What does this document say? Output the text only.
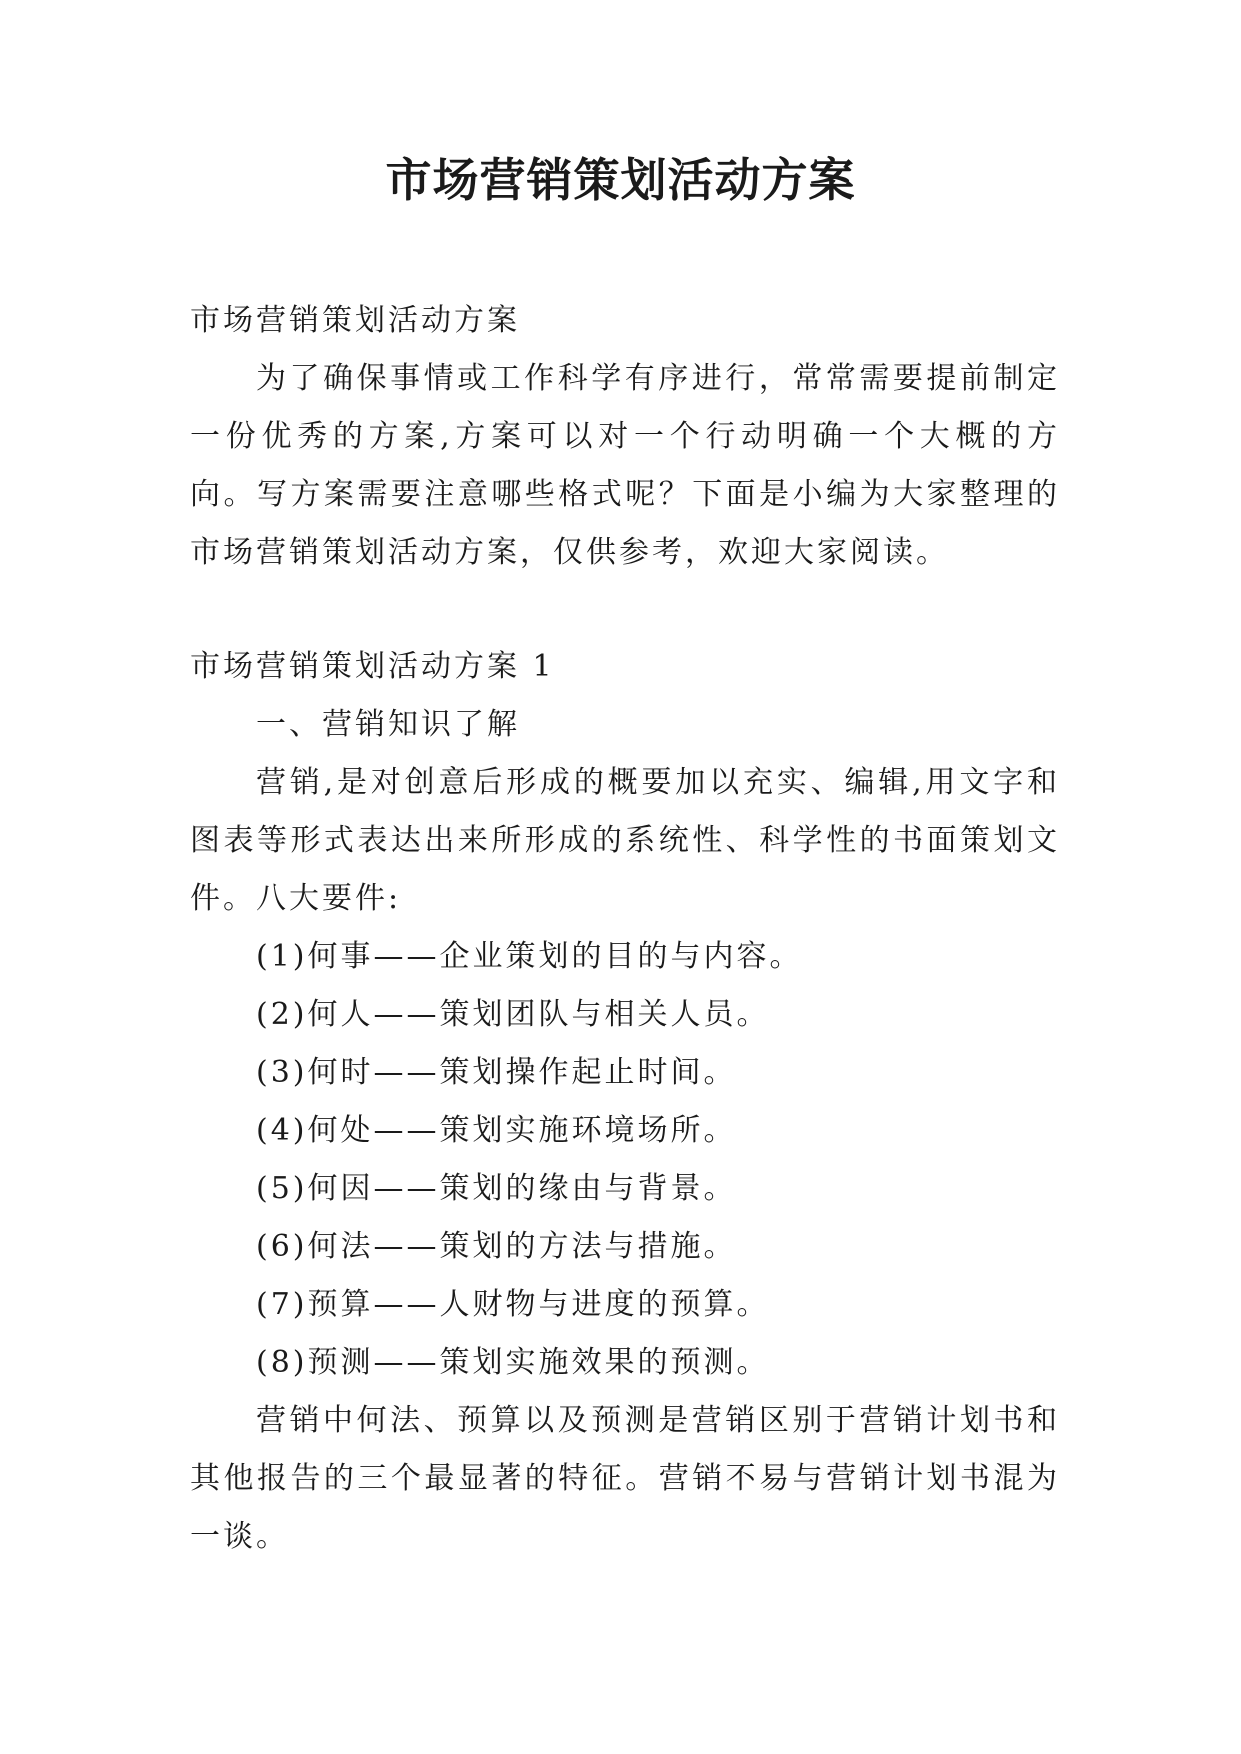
市场营销策划活动方案

市场营销策划活动方案

为了确保事情或工作科学有序进行，常常需要提前制定一份优秀的方案,方案可以对一个行动明确一个大概的方向。写方案需要注意哪些格式呢？下面是小编为大家整理的市场营销策划活动方案，仅供参考，欢迎大家阅读。

市场营销策划活动方案 1

一、营销知识了解

营销,是对创意后形成的概要加以充实、编辑,用文字和图表等形式表达出来所形成的系统性、科学性的书面策划文件。八大要件:

(1)何事——企业策划的目的与内容。

(2)何人——策划团队与相关人员。

(3)何时——策划操作起止时间。

(4)何处——策划实施环境场所。

(5)何因——策划的缘由与背景。

(6)何法——策划的方法与措施。

(7)预算——人财物与进度的预算。

(8)预测——策划实施效果的预测。

营销中何法、预算以及预测是营销区别于营销计划书和其他报告的三个最显著的特征。营销不易与营销计划书混为一谈。
